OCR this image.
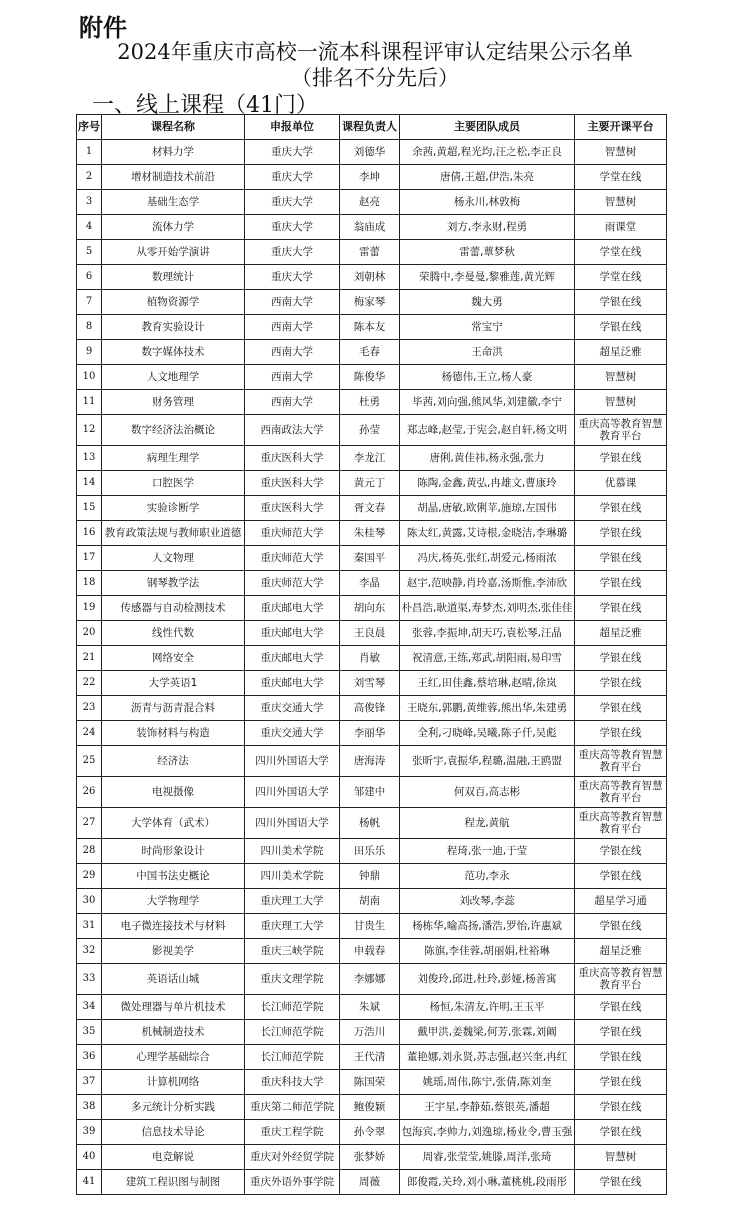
附件
2024年重庆市高校一流本科课程评审认定结果公示名单
（排名不分先后）
一、线上课程（41门）
序号	课程名称	申报单位	课程负责人	主要团队成员	主要开课平台
1	材料力学	重庆大学	刘德华	余茜,黄超,程光均,汪之松,李正良	智慧树
2	增材制造技术前沿	重庆大学	李坤	唐倩,王超,伊浩,朱亮	学堂在线
3	基础生态学	重庆大学	赵亮	杨永川,林敦梅	智慧树
4	流体力学	重庆大学	翁庙成	刘方,李永财,程勇	雨课堂
5	从零开始学演讲	重庆大学	雷蕾	雷蕾,蕈梦秋	学堂在线
6	数理统计	重庆大学	刘朝林	荣腾中,李曼曼,黎雅莲,黄光辉	学堂在线
7	植物资源学	西南大学	梅家琴	魏大勇	学银在线
8	教育实验设计	西南大学	陈本友	常宝宁	学银在线
9	数字媒体技术	西南大学	毛春	王命洪	超星泛雅
10	人文地理学	西南大学	陈俊华	杨德伟,王立,杨人豪	智慧树
11	财务管理	西南大学	杜勇	毕茜,刘向强,熊风华,刘建徽,李宁	智慧树
12	数字经济法治概论	西南政法大学	孙莹	郑志峰,赵莹,于宪会,赵自轩,杨文明	重庆高等教育智慧教育平台
13	病理生理学	重庆医科大学	李龙江	唐俐,黄佳祎,杨永强,张力	学银在线
14	口腔医学	重庆医科大学	黄元丁	陈陶,金鑫,黄弘,冉雄文,曹康玲	优慕课
15	实验诊断学	重庆医科大学	胥文春	胡晶,唐敏,欧俐苹,施琼,左国伟	学银在线
16	教育政策法规与教师职业道德	重庆师范大学	朱桂琴	陈太红,黄露,艾诗根,金晓洁,李琳璐	学银在线
17	人文物理	重庆师范大学	秦国平	冯庆,杨英,张红,胡爱元,杨雨浓	学银在线
18	钢琴教学法	重庆师范大学	李晶	赵宇,范映静,肖玲嘉,汤斯惟,李沛欣	学银在线
19	传感器与自动检测技术	重庆邮电大学	胡向东	朴昌浩,耿道渠,寿梦杰,刘明杰,张佳佳	学银在线
20	线性代数	重庆邮电大学	王良晨	张蓉,李振坤,胡天巧,袁松琴,汪晶	超星泛雅
21	网络安全	重庆邮电大学	肖敏	祝清意,王练,郑武,胡阳雨,易印雪	学银在线
22	大学英语1	重庆邮电大学	刘雪琴	王红,田佳鑫,蔡培琳,赵晴,徐岚	学银在线
23	沥青与沥青混合料	重庆交通大学	高俊锋	王晓东,郭鹏,黄维蓉,熊出华,朱建勇	学银在线
24	装饰材料与构造	重庆交通大学	李丽华	全利,刁晓峰,吴曦,陈子仟,吴彪	学银在线
25	经济法	四川外国语大学	唐海涛	张昕宇,袁振华,程璐,温融,王鸥盟	重庆高等教育智慧教育平台
26	电视摄像	四川外国语大学	邹建中	何双百,高志彬	重庆高等教育智慧教育平台
27	大学体育（武术）	四川外国语大学	杨帆	程龙,黄航	重庆高等教育智慧教育平台
28	时尚形象设计	四川美术学院	田乐乐	程琦,张一迪,于莹	学银在线
29	中国书法史概论	四川美术学院	钟鼎	范功,李永	学银在线
30	大学物理学	重庆理工大学	胡南	刘改琴,李蕊	超星学习通
31	电子微连接技术与材料	重庆理工大学	甘贵生	杨栋华,喻高扬,潘浩,罗怡,许惠斌	学银在线
32	影视美学	重庆三峡学院	申载春	陈旗,李佳蓉,胡丽娟,杜裕琳	超星泛雅
33	英语话山城	重庆文理学院	李娜娜	刘俊玲,邱进,杜玲,彭娅,杨善寓	重庆高等教育智慧教育平台
34	微处理器与单片机技术	长江师范学院	朱斌	杨恒,朱清友,许明,王玉平	学银在线
35	机械制造技术	长江师范学院	万浩川	戴甲洪,姜魏梁,何芳,张霖,刘阚	学银在线
36	心理学基础综合	长江师范学院	王代清	董艳娜,刘永贤,苏志强,赵兴奎,冉红	学银在线
37	计算机网络	重庆科技大学	陈国荣	姚瑶,周伟,陈宁,张倩,陈刘奎	学银在线
38	多元统计分析实践	重庆第二师范学院	鲍俊颖	王宇星,李静茹,蔡银英,潘超	学银在线
39	信息技术导论	重庆工程学院	孙令翠	包海宾,李帅力,刘逸琼,杨业令,曹玉强	学银在线
40	电竞解说	重庆对外经贸学院	张梦娇	周睿,张莹莹,姚滕,周洋,张琦	智慧树
41	建筑工程识图与制图	重庆外语外事学院	周薇	郎俊霞,关玲,刘小琳,董桃桃,段雨彤	学银在线
